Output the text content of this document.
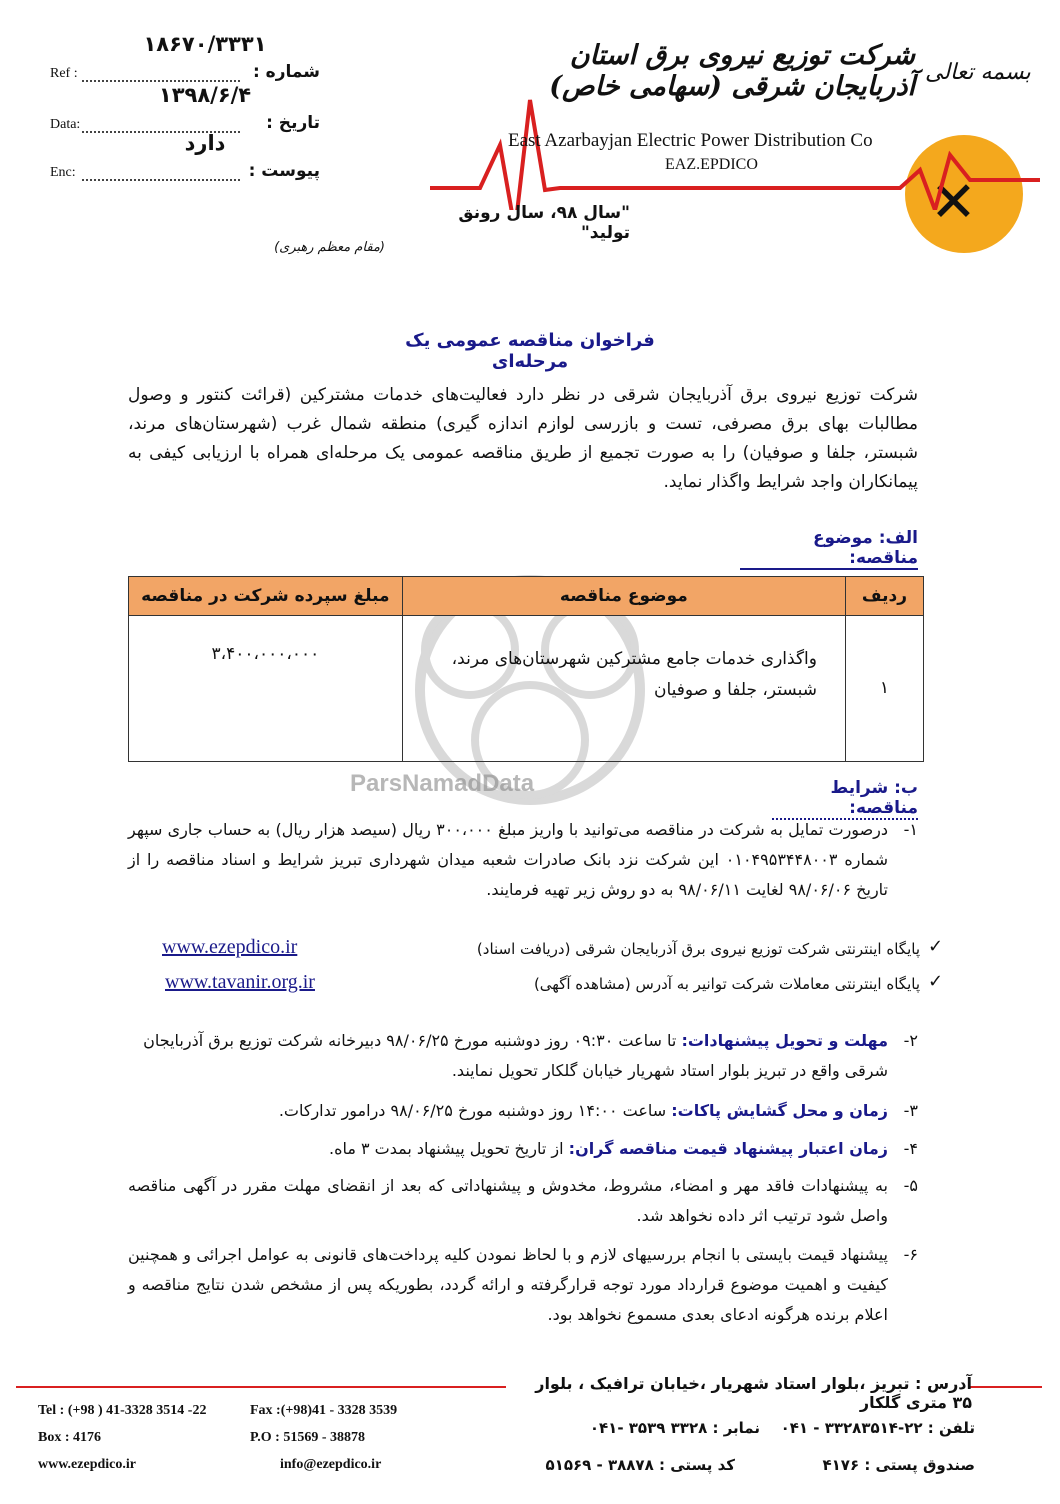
✕
بسمه تعالی
شرکت توزیع نیروی برق استان آذربایجان شرقی (سهامی خاص)
East Azarbayjan Electric Power Distribution Co
EAZ.EPDICO
"سال ۹۸، سال رونق تولید"
(مقام معظم رهبری)
شماره :
Ref :
۱۸۶۷۰/۳۳۳۱
تاریخ :
Data:
۱۳۹۸/۶/۴
پیوست :
Enc:
دارد
فراخوان مناقصه عمومی یک مرحله‌ای
شرکت توزیع نیروی برق آذربایجان شرقی در نظر دارد فعالیت‌های خدمات مشترکین (قرائت کنتور و وصول مطالبات بهای برق مصرفی، تست و بازرسی لوازم اندازه گیری) منطقه شمال غرب (شهرستان‌های مرند، شبستر، جلفا و صوفیان) را به صورت تجمیع از طریق مناقصه عمومی یک مرحله‌ای همراه با ارزیابی کیفی به پیمانکاران واجد شرایط واگذار نماید.
الف: موضوع مناقصه:
ردیف	موضوع مناقصه	مبلغ سپرده شرکت در مناقصه
۱	واگذاری خدمات جامع مشترکین شهرستان‌های مرند، شبستر، جلفا و صوفیان	۳،۴۰۰،۰۰۰،۰۰۰
ParsNamadData	ب: شرایط مناقصه:
۱-
درصورت تمایل به شرکت در مناقصه می‌توانید با واریز مبلغ ۳۰۰،۰۰۰ ریال (سیصد هزار ریال) به حساب جاری سپهر شماره ۰۱۰۴۹۵۳۴۴۸۰۰۳ این شرکت نزد بانک صادرات شعبه میدان شهرداری تبریز شرایط و اسناد مناقصه را از تاریخ ۹۸/۰۶/۰۶ لغایت ۹۸/۰۶/۱۱ به دو روش زیر تهیه فرمایند.
✓
پایگاه اینترنتی شرکت توزیع نیروی برق آذربایجان شرقی (دریافت اسناد)
www.ezepdico.ir
✓
پایگاه اینترنتی معاملات شرکت توانیر به آدرس (مشاهده آگهی)
www.tavanir.org.ir
۲-
مهلت و تحویل پیشنهادات: تا ساعت ۰۹:۳۰ روز دوشنبه مورخ ۹۸/۰۶/۲۵ دبیرخانه شرکت توزیع برق آذربایجان شرقی واقع در تبریز بلوار استاد شهریار خیابان گلکار تحویل نمایند.
۳-
زمان و محل گشایش پاکات: ساعت ۱۴:۰۰ روز دوشنبه مورخ ۹۸/۰۶/۲۵ درامور تدارکات.
۴-
زمان اعتبار پیشنهاد قیمت مناقصه گران: از تاریخ تحویل پیشنهاد بمدت ۳ ماه.
۵-
به پیشنهادات فاقد مهر و امضاء، مشروط، مخدوش و پیشنهاداتی که بعد از انقضای مهلت مقرر در آگهی مناقصه واصل شود ترتیب اثر داده نخواهد شد.
۶-
پیشنهاد قیمت بایستی با انجام بررسیهای لازم و با لحاظ نمودن کلیه پرداخت‌های قانونی به عوامل اجرائی و همچنین کیفیت و اهمیت موضوع قرارداد مورد توجه قرارگرفته و ارائه گردد، بطوریکه پس از مشخص شدن نتایج مناقصه و اعلام برنده هرگونه ادعای بعدی مسموع نخواهد بود.
آدرس : تبریز ،بلوار استاد شهریار ،خیابان ترافیک ، بلوار ۳۵ متری گلکار
Tel : (+98 ) 41-3328 3514 -22	Fax :(+98)41 - 3328 3539
Box : 4176	P.O : 51569 - 38878
www.ezepdico.ir	info@ezepdico.ir
تلفن : ۲۲-۳۳۲۸۳۵۱۴ - ۰۴۱
نمابر : ۳۳۲۸ ۳۵۳۹ -۰۴۱
صندوق پستی : ۴۱۷۶
کد پستی : ۳۸۸۷۸ - ۵۱۵۶۹
